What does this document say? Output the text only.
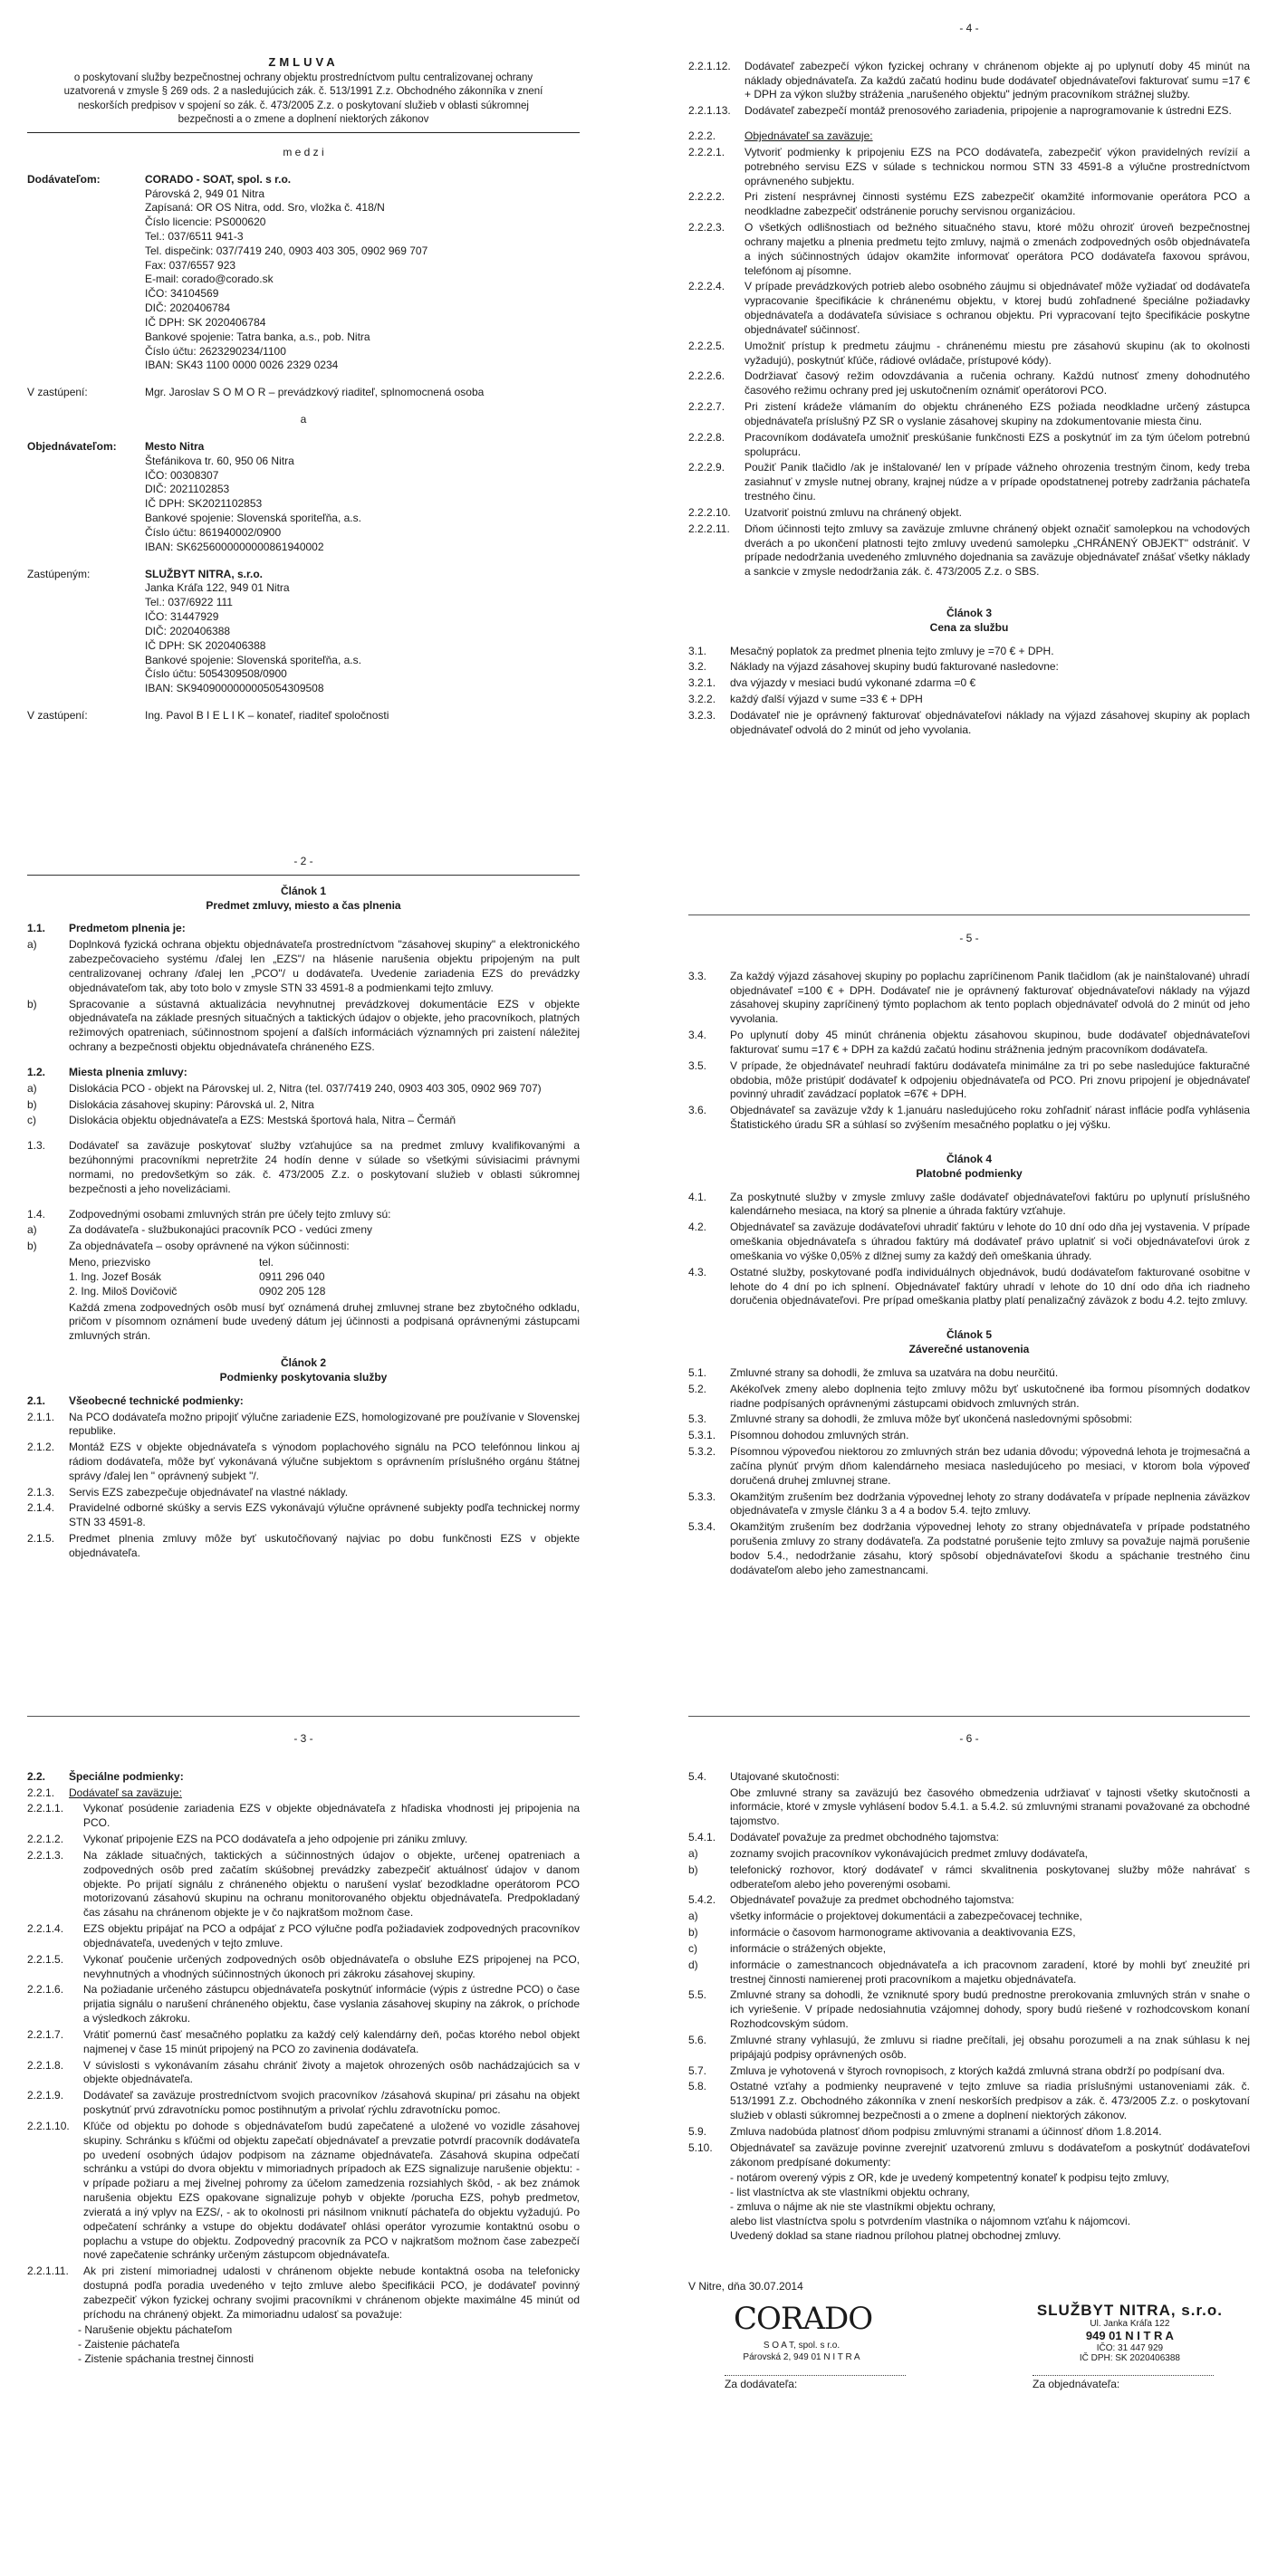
ZMLUVA
o poskytovaní služby bezpečnostnej ochrany objektu prostredníctvom pultu centralizovanej ochrany uzatvorená v zmysle § 269 ods. 2 a nasledujúcich zák. č. 513/1991 Z.z. Obchodného zákonníka v znení neskorších predpisov v spojení so zák. č. 473/2005 Z.z. o poskytovaní služieb v oblasti súkromnej bezpečnosti a o zmene a doplnení niektorých zákonov
m e d z i
Dodávateľom:	CORADO - SOAT, spol. s r.o.
Párovská 2, 949 01 Nitra
Zapísaná: OR OS Nitra, odd. Sro, vložka č. 418/N
Číslo licencie: PS000620
Tel.: 037/6511 941-3
Tel. dispečink: 037/7419 240, 0903 403 305, 0902 969 707
Fax: 037/6557 923
E-mail: corado@corado.sk
IČO: 34104569
DIČ: 2020406784
IČ DPH: SK 2020406784
Bankové spojenie: Tatra banka, a.s., pob. Nitra
Číslo účtu: 2623290234/1100
IBAN: SK43 1100 0000 0026 2329 0234
V zastúpení:	Mgr. Jaroslav S O M O R – prevádzkový riaditeľ, splnomocnená osoba
a
Objednávateľom:	Mesto Nitra
Štefánikova tr. 60, 950 06 Nitra
IČO: 00308307
DIČ: 2021102853
IČ DPH: SK2021102853
Bankové spojenie: Slovenská sporiteľňa, a.s.
Číslo účtu: 861940002/0900
IBAN: SK6256000000000861940002
Zastúpeným:	SLUŽBYT NITRA, s.r.o.
Janka Kráľa 122, 949 01 Nitra
Tel.: 037/6922 111
IČO: 31447929
DIČ: 2020406388
IČ DPH: SK 2020406388
Bankové spojenie: Slovenská sporiteľňa, a.s.
Číslo účtu: 5054309508/0900
IBAN: SK9409000000005054309508
V zastúpení:	Ing. Pavol B I E L I K – konateľ, riaditeľ spoločnosti
- 2 -
Článok 1
Predmet zmluvy, miesto a čas plnenia
1.1.	Predmetom plnenia je:
a)	Doplnková fyzická ochrana objektu objednávateľa prostredníctvom "zásahovej skupiny" a elektronického zabezpečovacieho systému /ďalej len „EZS"/ na hlásenie narušenia objektu pripojeným na pult centralizovanej ochrany /ďalej len „PCO"/ u dodávateľa. Uvedenie zariadenia EZS do prevádzky objednávateľom tak, aby toto bolo v zmysle STN 33 4591-8 a podmienkami tejto zmluvy.
b)	Spracovanie a sústavná aktualizácia nevyhnutnej prevádzkovej dokumentácie EZS v objekte objednávateľa na základe presných situačných a taktických údajov o objekte, jeho pracovníkoch, platných režimových opatreniach, súčinnostnom spojení a ďalších informáciách významných pri zaistení náležitej ochrany a bezpečnosti objektu objednávateľa chráneného EZS.
1.2.	Miesta plnenia zmluvy:
a)	Dislokácia PCO - objekt na Párovskej ul. 2, Nitra (tel. 037/7419 240, 0903 403 305, 0902 969 707)
b)	Dislokácia zásahovej skupiny: Párovská ul. 2, Nitra
c)	Dislokácia objektu objednávateľa a EZS: Mestská športová hala, Nitra – Čermáň
1.3.	Dodávateľ sa zaväzuje poskytovať služby vzťahujúce sa na predmet zmluvy kvalifikovanými a bezúhonnými pracovníkmi nepretržite 24 hodín denne v súlade so všetkými súvisiacimi právnymi normami, no predovšetkým so zák. č. 473/2005 Z.z. o poskytovaní služieb v oblasti súkromnej bezpečnosti a jeho novelizáciami.
1.4.	Zodpovednými osobami zmluvných strán pre účely tejto zmluvy sú:
a)	Za dodávateľa - službukonajúci pracovník PCO - vedúci zmeny
b)	Za objednávateľa – osoby oprávnené na výkon súčinnosti:
Meno, priezvisko	tel.
1. Ing. Jozef Bosák	0911 296 040
2. Ing. Miloš Dovičovič	0902 205 128
Každá zmena zodpovedných osôb musí byť oznámená druhej zmluvnej strane bez zbytočného odkladu, pričom v písomnom oznámení bude uvedený dátum jej účinnosti a podpisaná oprávnenými zástupcami zmluvných strán.
Článok 2
Podmienky poskytovania služby
2.1.	Všeobecné technické podmienky:
2.1.1.	Na PCO dodávateľa možno pripojiť výlučne zariadenie EZS, homologizované pre používanie v Slovenskej republike.
2.1.2.	Montáž EZS v objekte objednávateľa s výnodom poplachového signálu na PCO telefónnou linkou aj rádiom dodávateľa, môže byť vykonávaná výlučne subjektom s oprávnením príslušného orgánu štátnej správy /ďalej len " oprávnený subjekt "/.
2.1.3.	Servis EZS zabezpečuje objednávateľ na vlastné náklady.
2.1.4.	Pravidelné odborné skúšky a servis EZS vykonávajú výlučne oprávnené subjekty podľa technickej normy STN 33 4591-8.
2.1.5.	Predmet plnenia zmluvy môže byť uskutočňovaný najviac po dobu funkčnosti EZS v objekte objednávateľa.
- 3 -
2.2.	Špeciálne podmienky:
2.2.1.	Dodávateľ sa zaväzuje:
2.2.1.1.	Vykonať posúdenie zariadenia EZS v objekte objednávateľa z hľadiska vhodnosti jej pripojenia na PCO.
2.2.1.2.	Vykonať pripojenie EZS na PCO dodávateľa a jeho odpojenie pri zániku zmluvy.
2.2.1.3.	Na základe situačných, taktických a súčinnostných údajov o objekte, určenej opatreniach a zodpovedných osôb pred začatím skúšobnej prevádzky zabezpečiť aktuálnosť údajov v danom objekte. Po prijatí signálu z chráneného objektu o narušení vyslať bezodkladne operátorom PCO motorizovanú zásahovú skupinu na ochranu monitorovaného objektu objednávateľa. Predpokladaný čas zásahu na chránenom objekte je v čo najkratšom možnom čase.
2.2.1.4.	EZS objektu pripájať na PCO a odpájať z PCO výlučne podľa požiadaviek zodpovedných pracovníkov objednávateľa, uvedených v tejto zmluve.
2.2.1.5.	Vykonať poučenie určených zodpovedných osôb objednávateľa o obsluhe EZS pripojenej na PCO, nevyhnutných a vhodných súčinnostných úkonoch pri zákroku zásahovej skupiny.
2.2.1.6.	Na požiadanie určeného zástupcu objednávateľa poskytnúť informácie (výpis z ústredne PCO) o čase prijatia signálu o narušení chráneného objektu, čase vyslania zásahovej skupiny na zákrok, o príchode a výsledkoch zákroku.
2.2.1.7.	Vrátiť pomernú časť mesačného poplatku za každý celý kalendárny deň, počas ktorého nebol objekt najmenej v čase 15 minút pripojený na PCO zo zavinenia dodávateľa.
2.2.1.8.	V súvislosti s vykonávaním zásahu chrániť životy a majetok ohrozených osôb nachádzajúcich sa v objekte objednávateľa.
2.2.1.9.	Dodávateľ sa zaväzuje prostredníctvom svojich pracovníkov /zásahová skupina/ pri zásahu na objekt poskytnúť prvú zdravotnícku pomoc postihnutým a privolať rýchlu zdravotnícku pomoc.
2.2.1.10.	Kľúče od objektu po dohode s objednávateľom budú zapečatené a uložené vo vozidle zásahovej skupiny. Schránku s kľúčmi od objektu zapečatí objednávateľ a prevzatie potvrdí pracovník dodávateľa po uvedení osobných údajov podpisom na zázname objednávateľa. Zásahová skupina odpečatí schránku a vstúpi do dvora objektu v mimoriadnych prípadoch ak EZS signalizuje narušenie objektu: - v prípade požiaru a mej živelnej pohromy za účelom zamedzenia rozsiahlych škôd, - ak bez známok narušenia objektu EZS opakovane signalizuje pohyb v objekte /porucha EZS, pohyb predmetov, zvieratá a iný vplyv na EZS/, - ak to okolnosti pri násilnom vniknutí páchateľa do objektu vyžadujú. Po odpečatení schránky a vstupe do objektu dodávateľ ohlási operátor vyrozumie kontaktnú osobu o poplachu a vstupe do objektu. Zodpovedný pracovník za PCO v najkratšom možnom čase zabezpečí nové zapečatenie schránky určeným zástupcom objednávateľa.
2.2.1.11.	Ak pri zistení mimoriadnej udalosti v chránenom objekte nebude kontaktná osoba na telefonicky dostupná podľa poradia uvedeného v tejto zmluve alebo špecifikácii PCO, je dodávateľ povinný zabezpečiť výkon fyzickej ochrany svojimi pracovníkmi v chránenom objekte maximálne 45 minút od príchodu na chránený objekt. Za mimoriadnu udalosť sa považuje:
- Narušenie objektu páchateľom
- Zaistenie páchateľa
- Zistenie spáchania trestnej činnosti
- 4 -
2.2.1.12.	Dodávateľ zabezpečí výkon fyzickej ochrany v chránenom objekte aj po uplynutí doby 45 minút na náklady objednávateľa. Za každú začatú hodinu bude dodávateľ objednávateľovi fakturovať sumu =17 € + DPH za výkon služby stráženia „narušeného objektu" jedným pracovníkom strážnej služby.
2.2.1.13.	Dodávateľ zabezpečí montáž prenosového zariadenia, pripojenie a naprogramovanie k ústredni EZS.
2.2.2.	Objednávateľ sa zaväzuje:
2.2.2.1.	Vytvoriť podmienky k pripojeniu EZS na PCO dodávateľa, zabezpečiť výkon pravidelných revízií a potrebného servisu EZS v súlade s technickou normou STN 33 4591-8 a výlučne prostredníctvom oprávneného subjektu.
2.2.2.2.	Pri zistení nesprávnej činnosti systému EZS zabezpečiť okamžité informovanie operátora PCO a neodkladne zabezpečiť odstránenie poruchy servisnou organizáciou.
2.2.2.3.	O všetkých odlišnostiach od bežného situačného stavu, ktoré môžu ohroziť úroveň bezpečnostnej ochrany majetku a plnenia predmetu tejto zmluvy, najmä o zmenách zodpovedných osôb objednávateľa a iných súčinnostných údajov okamžite informovať operátora PCO dodávateľa faxovou správou, telefónom aj písomne.
2.2.2.4.	V prípade prevádzkových potrieb alebo osobného záujmu si objednávateľ môže vyžiadať od dodávateľa vypracovanie špecifikácie k chránenému objektu, v ktorej budú zohľadnené špeciálne požiadavky objednávateľa a dodávateľa súvisiace s ochranou objektu. Pri vypracovaní tejto špecifikácie poskytne objednávateľ súčinnosť.
2.2.2.5.	Umožniť prístup k predmetu záujmu - chránenému miestu pre zásahovú skupinu (ak to okolnosti vyžadujú), poskytnúť kľúče, rádiové ovládače, prístupové kódy).
2.2.2.6.	Dodržiavať časový režim odovzdávania a ručenia ochrany. Každú nutnosť zmeny dohodnutého časového režimu ochrany pred jej uskutočnením oznámiť operátorovi PCO.
2.2.2.7.	Pri zistení krádeže vlámaním do objektu chráneného EZS požiada neodkladne určený zástupca objednávateľa príslušný PZ SR o vyslanie zásahovej skupiny na zdokumentovanie miesta činu.
2.2.2.8.	Pracovníkom dodávateľa umožniť preskúšanie funkčnosti EZS a poskytnúť im za tým účelom potrebnú spoluprácu.
2.2.2.9.	Použiť Panik tlačidlo /ak je inštalované/ len v prípade vážneho ohrozenia trestným činom, kedy treba zasiahnuť v zmysle nutnej obrany, krajnej núdze a v prípade opodstatnenej potreby zadržania páchateľa trestného činu.
2.2.2.10.	Uzatvoriť poistnú zmluvu na chránený objekt.
2.2.2.11.	Dňom účinnosti tejto zmluvy sa zaväzuje zmluvne chránený objekt označiť samolepkou na vchodových dverách a po ukončení platnosti tejto zmluvy uvedenú samolepku „CHRÁNENÝ OBJEKT" odstrániť. V prípade nedodržania uvedeného zmluvného dojednania sa zaväzuje objednávateľ znášať všetky náklady a sankcie v zmysle nedodržania zák. č. 473/2005 Z.z. o SBS.
Článok 3
Cena za službu
3.1.	Mesačný poplatok za predmet plnenia tejto zmluvy je =70 € + DPH.
3.2.	Náklady na výjazd zásahovej skupiny budú fakturované nasledovne:
3.2.1.	dva výjazdy v mesiaci budú vykonané zdarma =0 €
3.2.2.	každý ďalší výjazd v sume =33 € + DPH
3.2.3.	Dodávateľ nie je oprávnený fakturovať objednávateľovi náklady na výjazd zásahovej skupiny ak poplach objednávateľ odvolá do 2 minút od jeho vyvolania.
- 5 -
3.3.	Za každý výjazd zásahovej skupiny po poplachu zapríčinenom Panik tlačidlom (ak je nainštalované) uhradí objednávateľ =100 € + DPH. Dodávateľ nie je oprávnený fakturovať objednávateľovi náklady na výjazd zásahovej skupiny zapríčinený týmto poplachom ak tento poplach objednávateľ odvolá do 2 minút od jeho vyvolania.
3.4.	Po uplynutí doby 45 minút chránenia objektu zásahovou skupinou, bude dodávateľ objednávateľovi fakturovať sumu =17 € + DPH za každú začatú hodinu strážnenia jedným pracovníkom dodávateľa.
3.5.	V prípade, že objednávateľ neuhradí faktúru dodávateľa minimálne za tri po sebe nasledujúce fakturačné obdobia, môže pristúpiť dodávateľ k odpojeniu objednávateľa od PCO. Pri znovu pripojení je objednávateľ povinný uhradiť zavádzací poplatok =67€ + DPH.
3.6.	Objednávateľ sa zaväzuje vždy k 1.januáru nasledujúceho roku zohľadniť nárast inflácie podľa vyhlásenia Štatistického úradu SR a súhlasí so zvýšením mesačného poplatku o jej výšku.
Článok 4
Platobné podmienky
4.1.	Za poskytnuté služby v zmysle zmluvy zašle dodávateľ objednávateľovi faktúru po uplynutí príslušného kalendárneho mesiaca, na ktorý sa plnenie a úhrada faktúry vzťahuje.
4.2.	Objednávateľ sa zaväzuje dodávateľovi uhradiť faktúru v lehote do 10 dní odo dňa jej vystavenia. V prípade omeškania objednávateľa s úhradou faktúry má dodávateľ právo uplatniť si voči objednávateľovi úrok z omeškania vo výške 0,05% z dlžnej sumy za každý deň omeškania úhrady.
4.3.	Ostatné služby, poskytované podľa individuálnych objednávok, budú dodávateľom fakturované osobitne v lehote do 4 dní po ich splnení. Objednávateľ faktúry uhradí v lehote do 10 dní odo dňa ich riadneho doručenia objednávateľovi. Pre prípad omeškania platby platí penalizačný záväzok z bodu 4.2. tejto zmluvy.
Článok 5
Záverečné ustanovenia
5.1.	Zmluvné strany sa dohodli, že zmluva sa uzatvára na dobu neurčitú.
5.2.	Akékoľvek zmeny alebo doplnenia tejto zmluvy môžu byť uskutočnené iba formou písomných dodatkov riadne podpísaných oprávnenými zástupcami obidvoch zmluvných strán.
5.3.	Zmluvné strany sa dohodli, že zmluva môže byť ukončená nasledovnými spôsobmi:
5.3.1.	Písomnou dohodou zmluvných strán.
5.3.2.	Písomnou výpoveďou niektorou zo zmluvných strán bez udania dôvodu; výpovedná lehota je trojmesačná a začína plynúť prvým dňom kalendárneho mesiaca nasledujúceho po mesiaci, v ktorom bola výpoveď doručená druhej zmluvnej strane.
5.3.3.	Okamžitým zrušením bez dodržania výpovednej lehoty zo strany dodávateľa v prípade neplnenia záväzkov objednávateľa v zmysle článku 3 a 4 a bodov 5.4. tejto zmluvy.
5.3.4.	Okamžitým zrušením bez dodržania výpovednej lehoty zo strany objednávateľa v prípade podstatného porušenia zmluvy zo strany dodávateľa. Za podstatné porušenie tejto zmluvy sa považuje najmä porušenie bodov 5.4., nedodržanie zásahu, ktorý spôsobí objednávateľovi škodu a spáchanie trestného činu dodávateľom alebo jeho zamestnancami.
- 6 -
5.4.	Utajované skutočnosti:
Obe zmluvné strany sa zaväzujú bez časového obmedzenia udržiavať v tajnosti všetky skutočnosti a informácie, ktoré v zmysle vyhlásení bodov 5.4.1. a 5.4.2. sú zmluvnými stranami považované za obchodné tajomstvo.
5.4.1.	Dodávateľ považuje za predmet obchodného tajomstva:
a)	zoznamy svojich pracovníkov vykonávajúcich predmet zmluvy dodávateľa,
b)	telefonický rozhovor, ktorý dodávateľ v rámci skvalitnenia poskytovanej služby môže nahrávať s odberateľom alebo jeho poverenými osobami.
5.4.2.	Objednávateľ považuje za predmet obchodného tajomstva:
a)	všetky informácie o projektovej dokumentácii a zabezpečovacej technike,
b)	informácie o časovom harmonograme aktivovania a deaktivovania EZS,
c)	informácie o strážených objekte,
d)	informácie o zamestnancoch objednávateľa a ich pracovnom zaradení, ktoré by mohli byť zneužité pri trestnej činnosti namierenej proti pracovníkom a majetku objednávateľa.
5.5.	Zmluvné strany sa dohodli, že vzniknuté spory budú prednostne prerokovania zmluvných strán v snahe o ich vyriešenie. V prípade nedosiahnutia vzájomnej dohody, spory budú riešené v rozhodcovskom konaní Rozhodcovským súdom.
5.6.	Zmluvné strany vyhlasujú, že zmluvu si riadne prečítali, jej obsahu porozumeli a na znak súhlasu k nej pripájajú podpisy oprávnených osôb.
5.7.	Zmluva je vyhotovená v štyroch rovnopisoch, z ktorých každá zmluvná strana obdrží po podpísaní dva.
5.8.	Ostatné vzťahy a podmienky neupravené v tejto zmluve sa riadia príslušnými ustanoveniami zák. č. 513/1991 Z.z. Obchodného zákonníka v znení neskorších predpisov a zák. č. 473/2005 Z.z. o poskytovaní služieb v oblasti súkromnej bezpečnosti a o zmene a doplnení niektorých zákonov.
5.9.	Zmluva nadobúda platnosť dňom podpisu zmluvnými stranami a účinnosť dňom 1.8.2014.
5.10.	Objednávateľ sa zaväzuje povinne zverejniť uzatvorenú zmluvu s dodávateľom a poskytnúť dodávateľovi zákonom predpísané dokumenty:
- notárom overený výpis z OR, kde je uvedený kompetentný konateľ k podpisu tejto zmluvy,
- list vlastníctva ak ste vlastníkmi objektu ochrany,
- zmluva o nájme ak nie ste vlastníkmi objektu ochrany,
alebo list vlastníctva spolu s potvrdením vlastníka o nájomnom vzťahu k nájomcovi.
Uvedený doklad sa stane riadnou prílohou platnej obchodnej zmluvy.
V Nitre, dňa 30.07.2014
CORADO
S O A T, spol. s r.o.
Párovská 2, 949 01 N I T R A
SLUŽBYT NITRA, s.r.o.
Ul. Janka Kráľa 122
949 01 N I T R A
IČO: 31 447 929
IČ DPH: SK 2020406388
Za dodávateľa:	Za objednávateľa:
